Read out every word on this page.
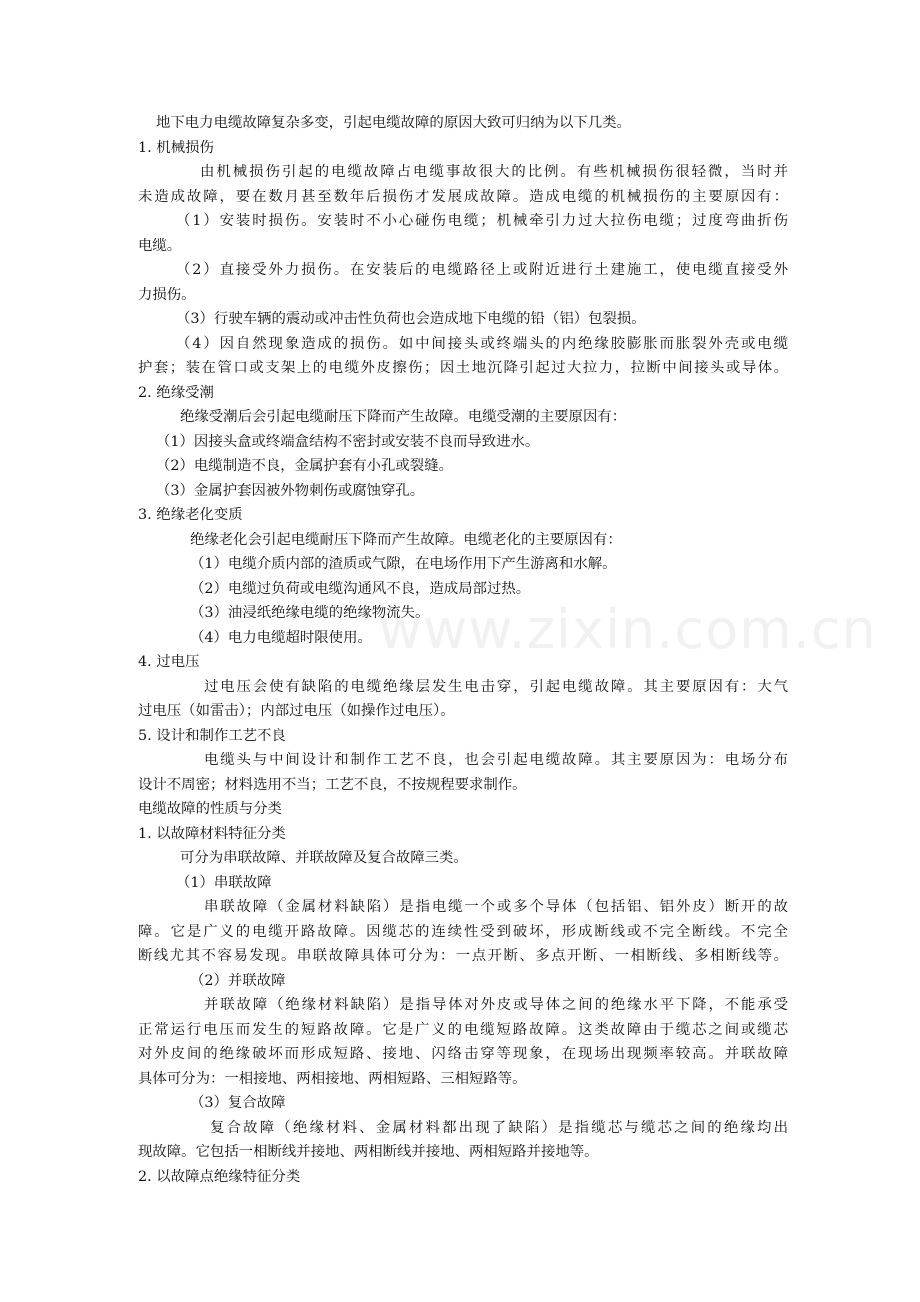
www.zixin.com.cn
地下电力电缆故障复杂多变，引起电缆故障的原因大致可归纳为以下几类。
1. 机械损伤
由机械损伤引起的电缆故障占电缆事故很大的比例。有些机械损伤很轻微，当时并
未造成故障，要在数月甚至数年后损伤才发展成故障。造成电缆的机械损伤的主要原因有：
（1）安装时损伤。安装时不小心碰伤电缆；机械牵引力过大拉伤电缆；过度弯曲折伤
电缆。
（2）直接受外力损伤。在安装后的电缆路径上或附近进行土建施工，使电缆直接受外
力损伤。
（3）行驶车辆的震动或冲击性负荷也会造成地下电缆的铅（铝）包裂损。
（4）因自然现象造成的损伤。如中间接头或终端头的内绝缘胶膨胀而胀裂外壳或电缆
护套；装在管口或支架上的电缆外皮擦伤；因土地沉降引起过大拉力，拉断中间接头或导体。
2. 绝缘受潮
绝缘受潮后会引起电缆耐压下降而产生故障。电缆受潮的主要原因有：
（1）因接头盒或终端盒结构不密封或安装不良而导致进水。
（2）电缆制造不良，金属护套有小孔或裂缝。
（3）金属护套因被外物刺伤或腐蚀穿孔。
3. 绝缘老化变质
绝缘老化会引起电缆耐压下降而产生故障。电缆老化的主要原因有：
（1）电缆介质内部的渣质或气隙，在电场作用下产生游离和水解。
（2）电缆过负荷或电缆沟通风不良，造成局部过热。
（3）油浸纸绝缘电缆的绝缘物流失。
（4）电力电缆超时限使用。
4. 过电压
过电压会使有缺陷的电缆绝缘层发生电击穿，引起电缆故障。其主要原因有：大气
过电压（如雷击）；内部过电压（如操作过电压）。
5. 设计和制作工艺不良
电缆头与中间设计和制作工艺不良，也会引起电缆故障。其主要原因为：电场分布
设计不周密；材料选用不当；工艺不良，不按规程要求制作。
电缆故障的性质与分类
1. 以故障材料特征分类
可分为串联故障、并联故障及复合故障三类。
（1）串联故障
串联故障（金属材料缺陷）是指电缆一个或多个导体（包括铝、铝外皮）断开的故
障。它是广义的电缆开路故障。因缆芯的连续性受到破坏，形成断线或不完全断线。不完全
断线尤其不容易发现。串联故障具体可分为：一点开断、多点开断、一相断线、多相断线等。
（2）并联故障
并联故障（绝缘材料缺陷）是指导体对外皮或导体之间的绝缘水平下降，不能承受
正常运行电压而发生的短路故障。它是广义的电缆短路故障。这类故障由于缆芯之间或缆芯
对外皮间的绝缘破坏而形成短路、接地、闪络击穿等现象，在现场出现频率较高。并联故障
具体可分为：一相接地、两相接地、两相短路、三相短路等。
（3）复合故障
复合故障（绝缘材料、金属材料都出现了缺陷）是指缆芯与缆芯之间的绝缘均出
现故障。它包括一相断线并接地、两相断线并接地、两相短路并接地等。
2. 以故障点绝缘特征分类
